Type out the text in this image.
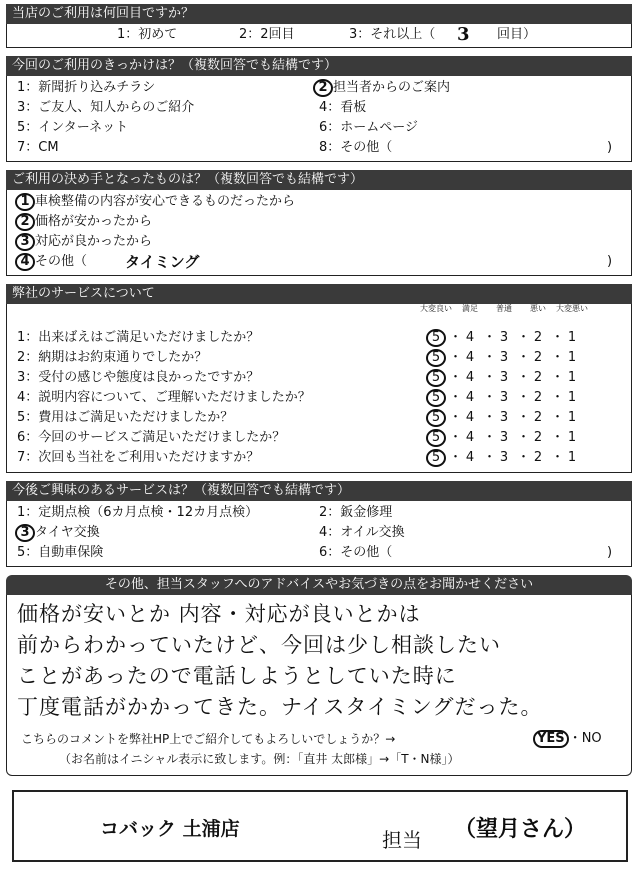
当店のご利用は何回目ですか？
1：初めて	2：2回目	3：それ以上（ 3 回目）
今回のご利用のきっかけは？（複数回答でも結構です）
1：新聞折り込みチラシ	2 担当者からのご案内
3：ご友人、知人からのご紹介	4：看板
5：インターネット	6：ホームページ
7：CM	8：その他（	)
ご利用の決め手となったものは？（複数回答でも結構です）
1 車検整備の内容が安心できるものだったから
2 価格が安かったから
3 対応が良かったから
4 その他（	タイミング	)
弊社のサービスについて
大変良い 満足 普通 悪い 大変悪い
1：出来ばえはご満足いただけましたか？	5 ・ 4 ・ 3 ・ 2 ・ 1
2：納期はお約束通りでしたか？	5 ・ 4 ・ 3 ・ 2 ・ 1
3：受付の感じや態度は良かったですか？	5 ・ 4 ・ 3 ・ 2 ・ 1
4：説明内容について、ご理解いただけましたか？	5 ・ 4 ・ 3 ・ 2 ・ 1
5：費用はご満足いただけましたか？	5 ・ 4 ・ 3 ・ 2 ・ 1
6：今回のサービスご満足いただけましたか？	5 ・ 4 ・ 3 ・ 2 ・ 1
7：次回も当社をご利用いただけますか？	5 ・ 4 ・ 3 ・ 2 ・ 1
今後ご興味のあるサービスは？（複数回答でも結構です）
1：定期点検（6カ月点検・12カ月点検）	2：鈑金修理
3 タイヤ交換	4：オイル交換
5：自動車保険	6：その他（	)
その他、担当スタッフへのアドバイスやお気づきの点をお聞かせください
価格が安いとか 内容・対応が良いとかは
前からわかっていたけど、今回は少し相談したい
ことがあったので電話しようとしていた時に
丁度電話がかかってきた。ナイスタイミングだった。
こちらのコメントを弊社HP上でご紹介してもよろしいでしょうか？→	YES ・NO
（お名前はイニシャル表示に致します。例：「直井 太郎様」→「T・N様」）
コバック 土浦店	担当 （望月さん）
